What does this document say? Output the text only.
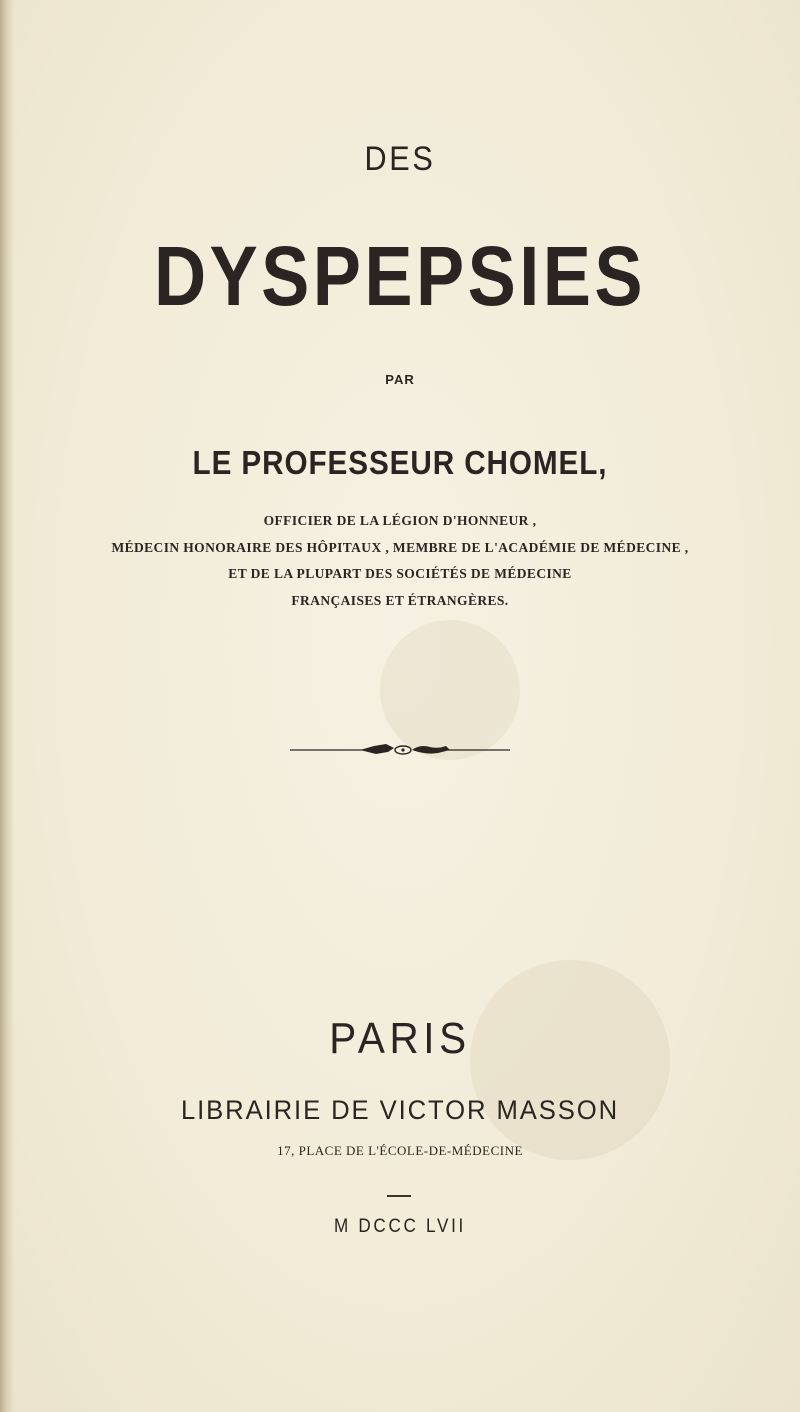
DES
DYSPEPSIES
PAR
LE PROFESSEUR CHOMEL,
OFFICIER DE LA LÉGION D'HONNEUR ,
MÉDECIN HONORAIRE DES HÔPITAUX , MEMBRE DE L'ACADÉMIE DE MÉDECINE ,
ET DE LA PLUPART DES SOCIÉTÉS DE MÉDECINE
FRANÇAISES ET ÉTRANGÈRES.
PARIS
LIBRAIRIE DE VICTOR MASSON
17, PLACE DE L'ÉCOLE-DE-MÉDECINE
M DCCC LVII
